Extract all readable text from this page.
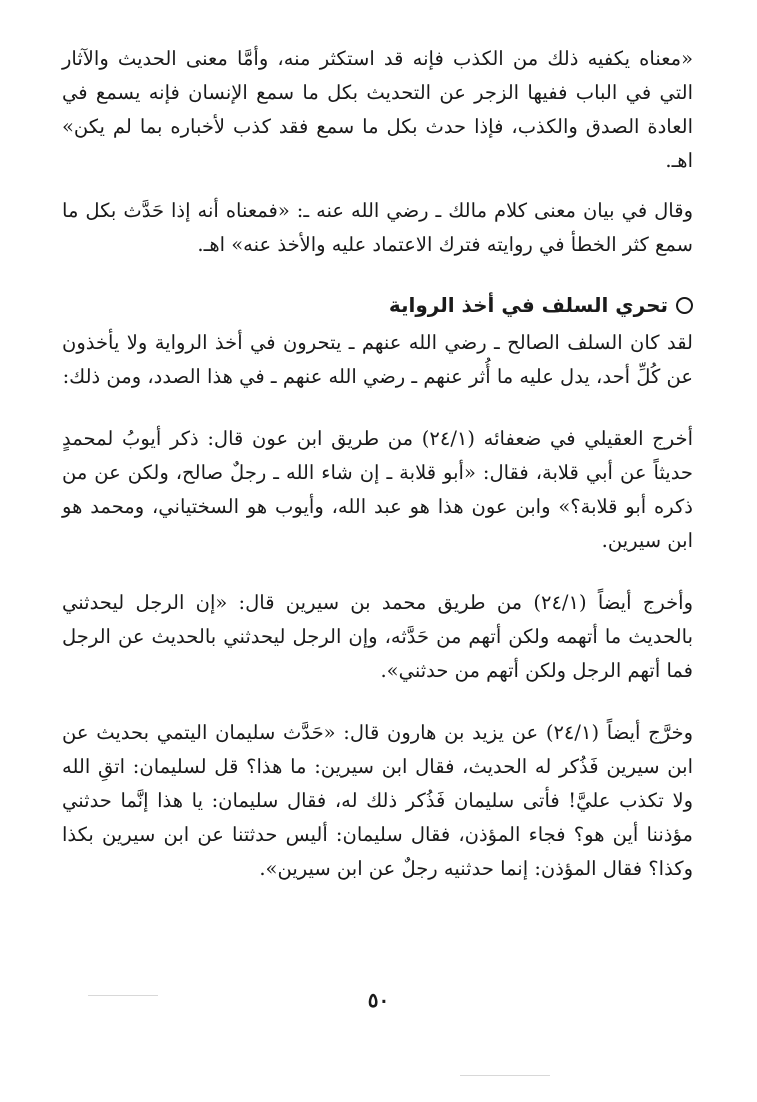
«معناه يكفيه ذلك من الكذب فإنه قد استكثر منه، وأمَّا معنى الحديث والآثار التي في الباب ففيها الزجر عن التحديث بكل ما سمع الإنسان فإنه يسمع في العادة الصدق والكذب، فإذا حدث بكل ما سمع فقد كذب لأخباره بما لم يكن» اهـ.

وقال في بيان معنى كلام مالك ـ رضي الله عنه ـ: «فمعناه أنه إذا حَدَّث بكل ما سمع كثر الخطأ في روايته فترك الاعتماد عليه والأخذ عنه» اهـ.

تحري السلف في أخذ الرواية

لقد كان السلف الصالح ـ رضي الله عنهم ـ يتحرون في أخذ الرواية ولا يأخذون عن كُلِّ أحد، يدل عليه ما أُثر عنهم ـ رضي الله عنهم ـ في هذا الصدد، ومن ذلك:

أخرج العقيلي في ضعفائه (٢٤/١) من طريق ابن عون قال: ذكر أيوبُ لمحمدٍ حديثاً عن أبي قلابة، فقال: «أبو قلابة ـ إن شاء الله ـ رجلٌ صالح، ولكن عن من ذكره أبو قلابة؟» وابن عون هذا هو عبد الله، وأيوب هو السختياني، ومحمد هو ابن سيرين.

وأخرج أيضاً (٢٤/١) من طريق محمد بن سيرين قال: «إن الرجل ليحدثني بالحديث ما أتهمه ولكن أتهم من حَدَّثه، وإن الرجل ليحدثني بالحديث عن الرجل فما أتهم الرجل ولكن أتهم من حدثني».

وخرَّج أيضاً (٢٤/١) عن يزيد بن هارون قال: «حَدَّث سليمان اليتمي بحديث عن ابن سيرين فَذُكر له الحديث، فقال ابن سيرين: ما هذا؟ قل لسليمان: اتقِ الله ولا تكذب عليَّ! فأتى سليمان فَذُكر ذلك له، فقال سليمان: يا هذا إنَّما حدثني مؤذننا أين هو؟ فجاء المؤذن، فقال سليمان: أليس حدثتنا عن ابن سيرين بكذا وكذا؟ فقال المؤذن: إنما حدثنيه رجلٌ عن ابن سيرين».

٥٠
